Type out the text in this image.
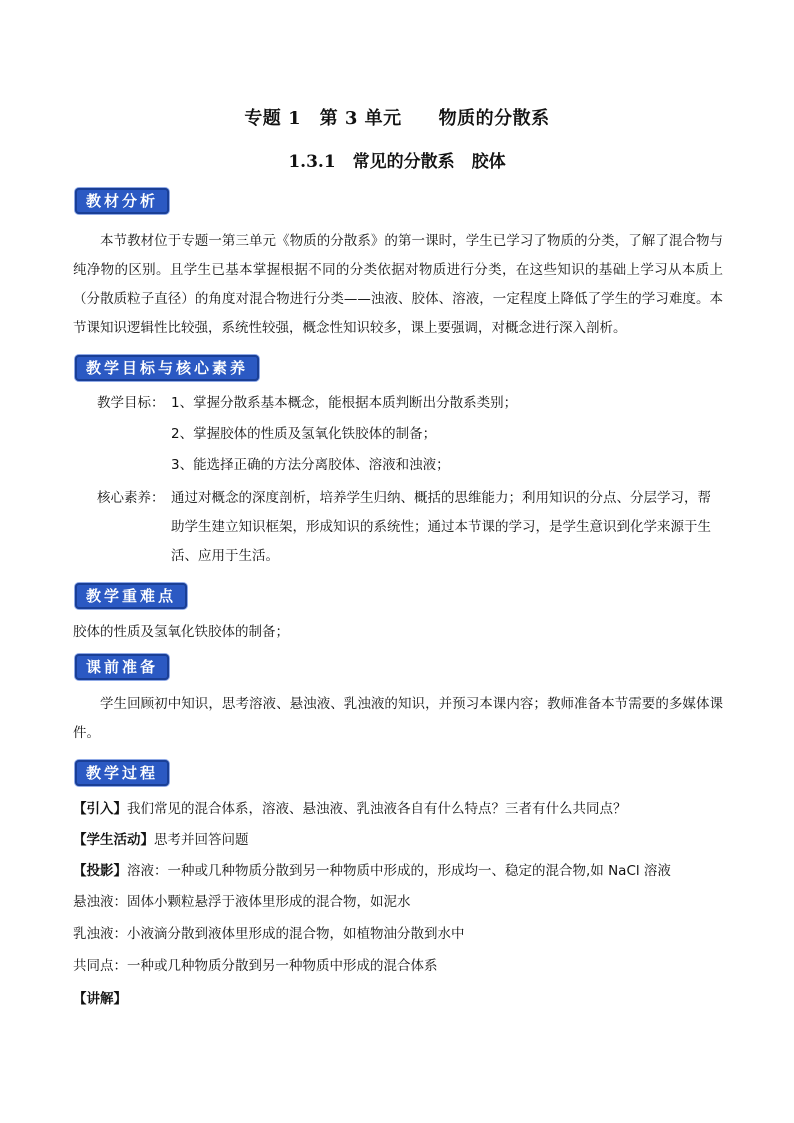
专题 1　第 3 单元　　物质的分散系
1.3.1　常见的分散系　胶体
教材分析
本节教材位于专题一第三单元《物质的分散系》的第一课时，学生已学习了物质的分类，了解了混合物与纯净物的区别。且学生已基本掌握根据不同的分类依据对物质进行分类，在这些知识的基础上学习从本质上（分散质粒子直径）的角度对混合物进行分类——浊液、胶体、溶液，一定程度上降低了学生的学习难度。本节课知识逻辑性比较强，系统性较强，概念性知识较多，课上要强调，对概念进行深入剖析。
教学目标与核心素养
教学目标： 1、掌握分散系基本概念，能根据本质判断出分散系类别；
2、掌握胶体的性质及氢氧化铁胶体的制备；
3、能选择正确的方法分离胶体、溶液和浊液；
核心素养： 通过对概念的深度剖析，培养学生归纳、概括的思维能力；利用知识的分点、分层学习，帮助学生建立知识框架，形成知识的系统性；通过本节课的学习，是学生意识到化学来源于生活、应用于生活。
教学重难点
胶体的性质及氢氧化铁胶体的制备；
课前准备
学生回顾初中知识，思考溶液、悬浊液、乳浊液的知识，并预习本课内容；教师准备本节需要的多媒体课件。
教学过程
【引入】我们常见的混合体系，溶液、悬浊液、乳浊液各自有什么特点？三者有什么共同点？
【学生活动】思考并回答问题
【投影】溶液：一种或几种物质分散到另一种物质中形成的，形成均一、稳定的混合物,如 NaCl 溶液
悬浊液：固体小颗粒悬浮于液体里形成的混合物，如泥水
乳浊液：小液滴分散到液体里形成的混合物，如植物油分散到水中
共同点：一种或几种物质分散到另一种物质中形成的混合体系
【讲解】
